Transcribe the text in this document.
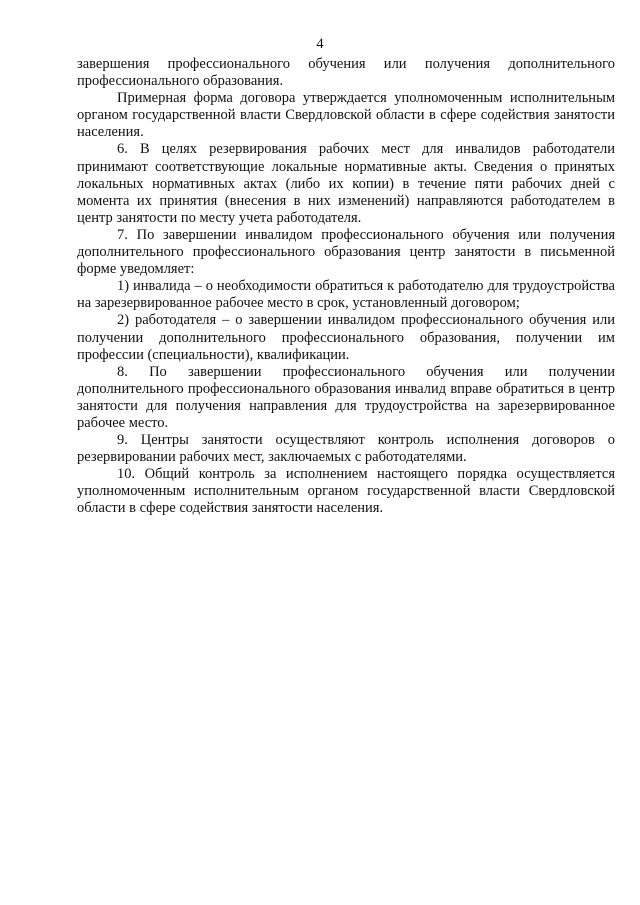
4

завершения профессионального обучения или получения дополнительного профессионального образования.

Примерная форма договора утверждается уполномоченным исполнительным органом государственной власти Свердловской области в сфере содействия занятости населения.

6. В целях резервирования рабочих мест для инвалидов работодатели принимают соответствующие локальные нормативные акты. Сведения о принятых локальных нормативных актах (либо их копии) в течение пяти рабочих дней с момента их принятия (внесения в них изменений) направляются работодателем в центр занятости по месту учета работодателя.

7. По завершении инвалидом профессионального обучения или получения дополнительного профессионального образования центр занятости в письменной форме уведомляет:

1) инвалида – о необходимости обратиться к работодателю для трудоустройства на зарезервированное рабочее место в срок, установленный договором;

2) работодателя – о завершении инвалидом профессионального обучения или получении дополнительного профессионального образования, получении им профессии (специальности), квалификации.

8. По завершении профессионального обучения или получении дополнительного профессионального образования инвалид вправе обратиться в центр занятости для получения направления для трудоустройства на зарезервированное рабочее место.

9. Центры занятости осуществляют контроль исполнения договоров о резервировании рабочих мест, заключаемых с работодателями.

10. Общий контроль за исполнением настоящего порядка осуществляется уполномоченным исполнительным органом государственной власти Свердловской области в сфере содействия занятости населения.
